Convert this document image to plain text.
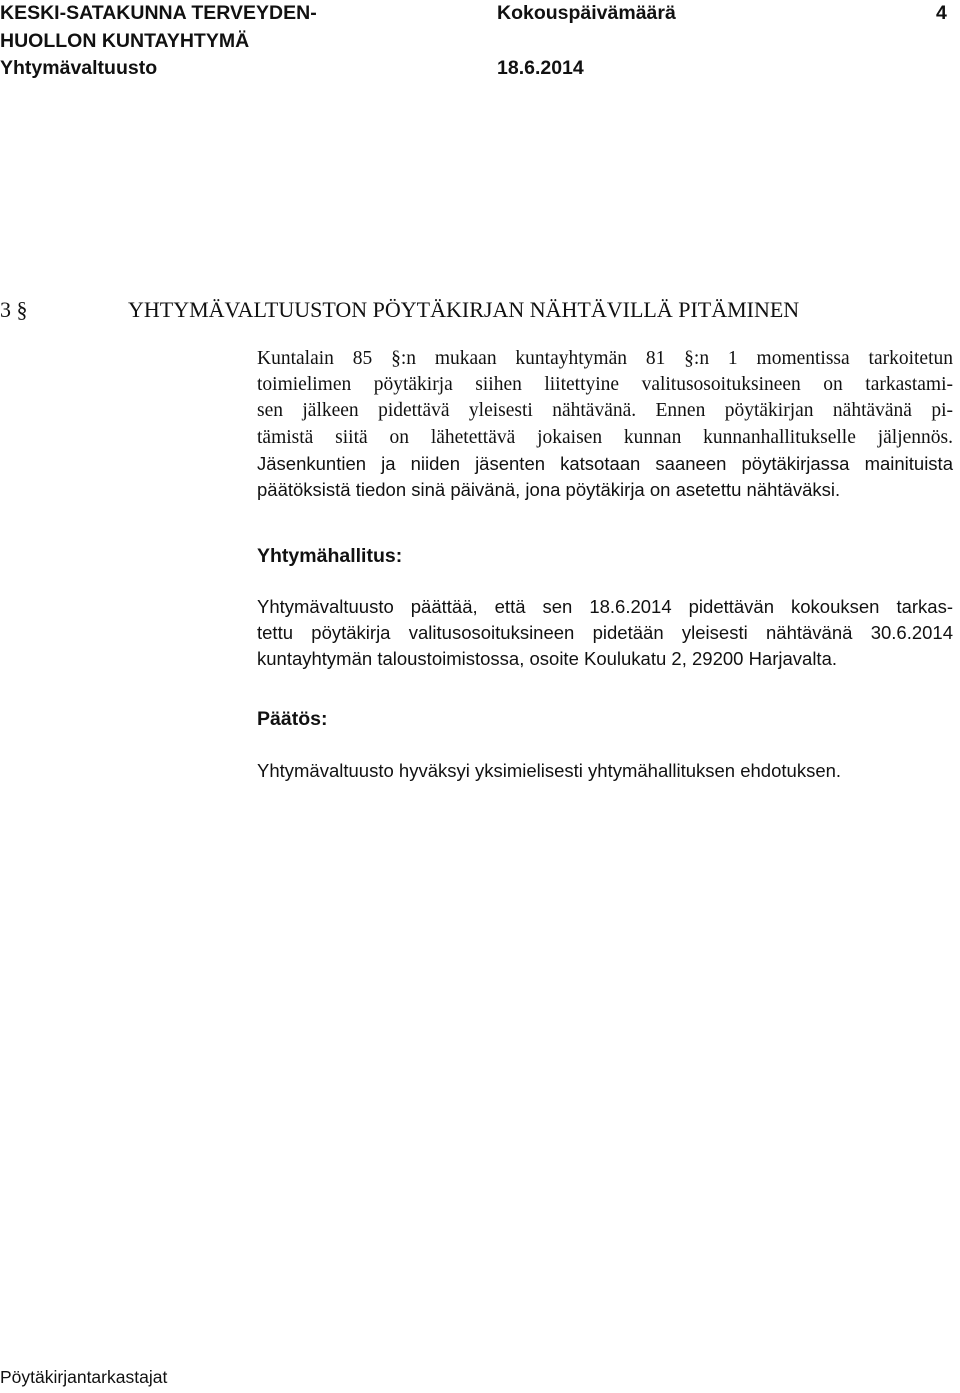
KESKI-SATAKUNNA TERVEYDEN-
HUOLLON KUNTAYHTYMÄ
Yhtymävaltuusto
Kokouspäivämäärä
18.6.2014
4
3 §	YHTYMÄVALTUUSTON PÖYTÄKIRJAN NÄHTÄVILLÄ PITÄMINEN
Kuntalain 85 §:n mukaan kuntayhtymän 81 §:n 1 momentissa tarkoitetun
toimielimen pöytäkirja siihen liitettyine valitusosoituksineen on tarkastami-
sen jälkeen pidettävä yleisesti nähtävänä. Ennen pöytäkirjan nähtävänä pi-
tämistä siitä on lähetettävä jokaisen kunnan kunnanhallitukselle jäljennös.
Jäsenkuntien ja niiden jäsenten katsotaan saaneen pöytäkirjassa mainituista
päätöksistä tiedon sinä päivänä, jona pöytäkirja on asetettu nähtäväksi.
Yhtymähallitus:
Yhtymävaltuusto päättää, että sen 18.6.2014 pidettävän kokouksen tarkas-
tettu pöytäkirja valitusosoituksineen pidetään yleisesti nähtävänä 30.6.2014
kuntayhtymän taloustoimistossa, osoite Koulukatu 2, 29200 Harjavalta.
Päätös:
Yhtymävaltuusto hyväksyi yksimielisesti yhtymähallituksen ehdotuksen.
Pöytäkirjantarkastajat
